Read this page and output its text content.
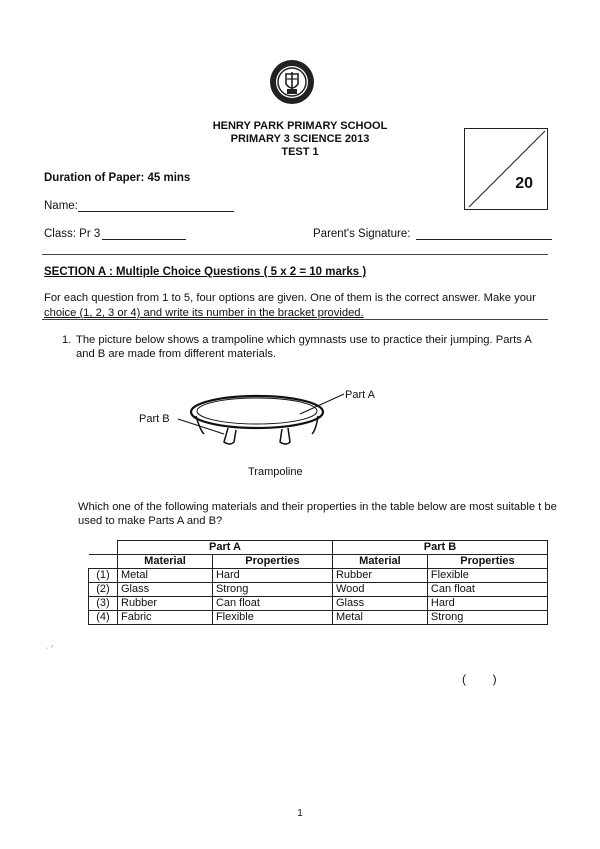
HENRY PARK PRIMARY SCHOOL
PRIMARY 3 SCIENCE 2013
TEST 1
20
Duration of Paper: 45 mins
Name:
Class: Pr 3	Parent's Signature:
SECTION A : Multiple Choice Questions ( 5 x 2 = 10 marks )
For each question from 1 to 5, four options are given. One of them is the correct answer. Make your
choice (1, 2, 3 or 4) and write its number in the bracket provided.
1. The picture below shows a trampoline which gymnasts use to practice their jumping. Parts A and B are made from different materials.
Part B
Part A
Trampoline
Which one of the following materials and their properties in the table below are most suitable t be used to make Parts A and B?
	Part A		Part B	
	Material	Properties	Material	Properties
(1)	Metal	Hard	Rubber	Flexible
(2)	Glass	Strong	Wood	Can float
(3)	Rubber	Can float	Glass	Hard
(4)	Fabric	Flexible	Metal	Strong
· ⸍
(        )
1
